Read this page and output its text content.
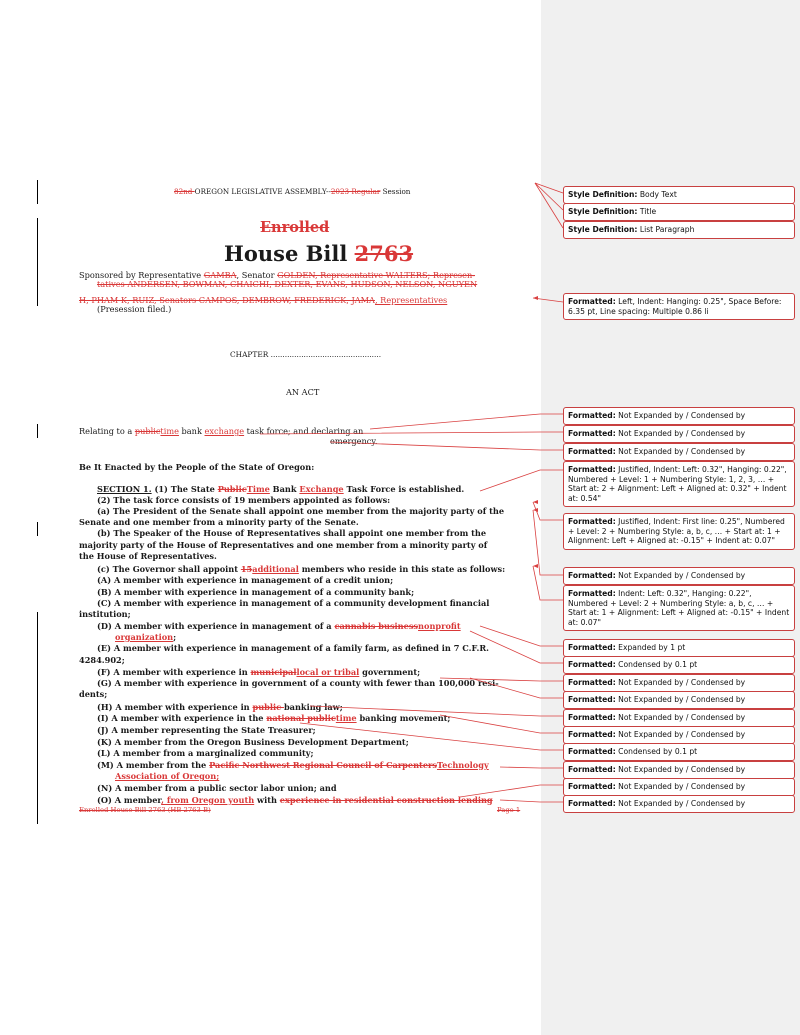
82nd OREGON LEGISLATIVE ASSEMBLY--2023 Regular Session
Enrolled
House Bill 2763
Sponsored by Representative GAMBA, Senator GOLDEN, Representative WALTERS; Represen-
tatives ANDERSEN, BOWMAN, CHAICHI, DEXTER, EVANS, HUDSON, NELSON, NGUYEN
H, PHAM K, RUIZ, Senators CAMPOS, DEMBROW, FREDERICK, JAMA, Representatives
(Presession filed.)
CHAPTER ...............................................
AN ACT
Relating to a publictime bank exchange task force; and declaring an
emergency.
Be It Enacted by the People of the State of Oregon:
SECTION 1. (1) The State PublicTime Bank Exchange Task Force is established.
(2) The task force consists of 19 members appointed as follows:
(a) The President of the Senate shall appoint one member from the majority party of the
Senate and one member from a minority party of the Senate.
(b) The Speaker of the House of Representatives shall appoint one member from the
majority party of the House of Representatives and one member from a minority party of
the House of Representatives.
(c) The Governor shall appoint 15additional members who reside in this state as follows:
(A) A member with experience in management of a credit union;
(B) A member with experience in management of a community bank;
(C) A member with experience in management of a community development financial
institution;
(D) A member with experience in management of a cannabis businessnonprofit
organization;
(E) A member with experience in management of a family farm, as defined in 7 C.F.R.
4284.902;
(F) A member with experience in municipallocal or tribal government;
(G) A member with experience in government of a county with fewer than 100,000 resi-
dents;
(H) A member with experience in public banking law;
(I) A member with experience in the national publictime banking movement;
(J) A member representing the State Treasurer;
(K) A member from the Oregon Business Development Department;
(L) A member from a marginalized community;
(M) A member from the Pacific Northwest Regional Council of CarpentersTechnology
Association of Oregon;
(N) A member from a public sector labor union; and
(O) A member, from Oregon youth with experience in residential construction lending
Enrolled House Bill 2763 (HB 2763-B)	Page 1
Style Definition: Body Text
Style Definition: Title
Style Definition: List Paragraph
Formatted: Left, Indent: Hanging: 0.25", Space Before: 6.35 pt, Line spacing: Multiple 0.86 li
Formatted: Not Expanded by / Condensed by
Formatted: Not Expanded by / Condensed by
Formatted: Not Expanded by / Condensed by
Formatted: Justified, Indent: Left: 0.32", Hanging: 0.22", Numbered + Level: 1 + Numbering Style: 1, 2, 3, … + Start at: 2 + Alignment: Left + Aligned at: 0.32" + Indent at: 0.54"
Formatted: Justified, Indent: First line: 0.25", Numbered + Level: 2 + Numbering Style: a, b, c, … + Start at: 1 + Alignment: Left + Aligned at: -0.15" + Indent at: 0.07"
Formatted: Not Expanded by / Condensed by
Formatted: Indent: Left: 0.32", Hanging: 0.22", Numbered + Level: 2 + Numbering Style: a, b, c, … + Start at: 1 + Alignment: Left + Aligned at: -0.15" + Indent at: 0.07"
Formatted: Expanded by 1 pt
Formatted: Condensed by 0.1 pt
Formatted: Not Expanded by / Condensed by
Formatted: Not Expanded by / Condensed by
Formatted: Not Expanded by / Condensed by
Formatted: Not Expanded by / Condensed by
Formatted: Condensed by 0.1 pt
Formatted: Not Expanded by / Condensed by
Formatted: Not Expanded by / Condensed by
Formatted: Not Expanded by / Condensed by
